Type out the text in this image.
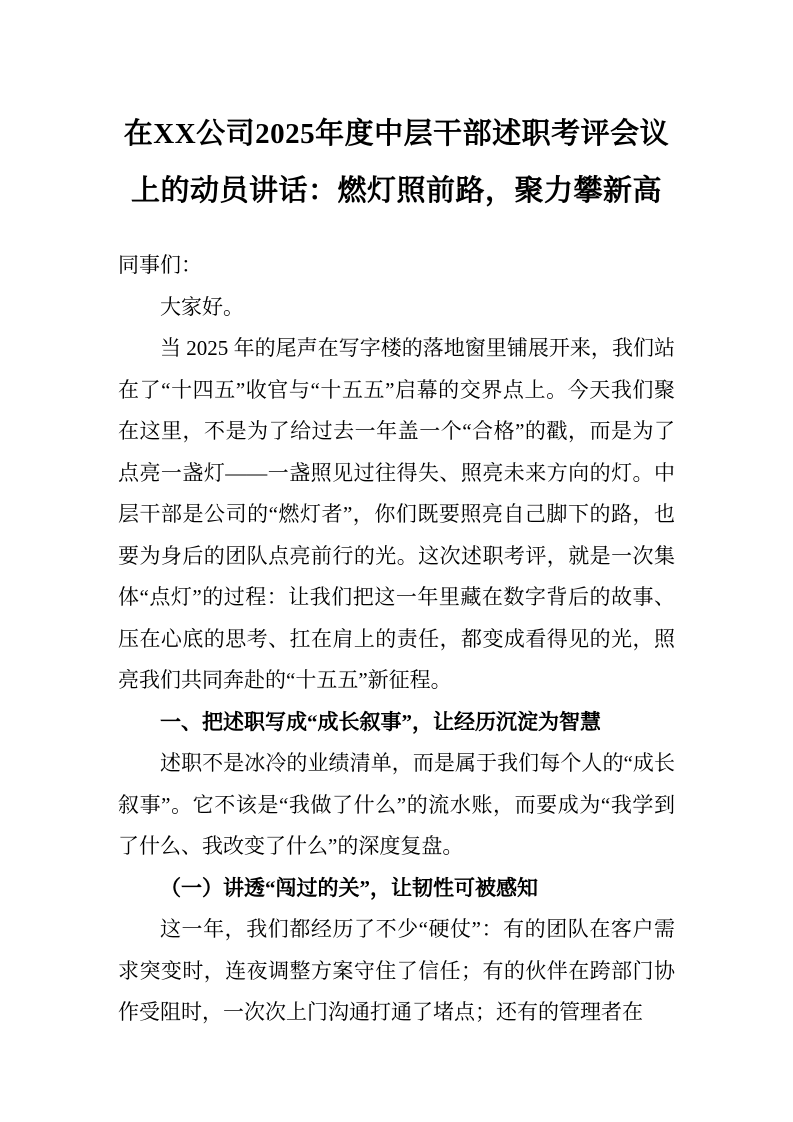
在XX公司2025年度中层干部述职考评会议上的动员讲话：燃灯照前路，聚力攀新高

同事们：

大家好。

当 2025 年的尾声在写字楼的落地窗里铺展开来，我们站在了“十四五”收官与“十五五”启幕的交界点上。今天我们聚在这里，不是为了给过去一年盖一个“合格”的戳，而是为了点亮一盏灯——一盏照见过往得失、照亮未来方向的灯。中层干部是公司的“燃灯者”，你们既要照亮自己脚下的路，也要为身后的团队点亮前行的光。这次述职考评，就是一次集体“点灯”的过程：让我们把这一年里藏在数字背后的故事、压在心底的思考、扛在肩上的责任，都变成看得见的光，照亮我们共同奔赴的“十五五”新征程。

一、把述职写成“成长叙事”，让经历沉淀为智慧

述职不是冰冷的业绩清单，而是属于我们每个人的“成长叙事”。它不该是“我做了什么”的流水账，而要成为“我学到了什么、我改变了什么”的深度复盘。

（一）讲透“闯过的关”，让韧性可被感知

这一年，我们都经历了不少“硬仗”：有的团队在客户需求突变时，连夜调整方案守住了信任；有的伙伴在跨部门协作受阻时，一次次上门沟通打通了堵点；还有的管理者在
